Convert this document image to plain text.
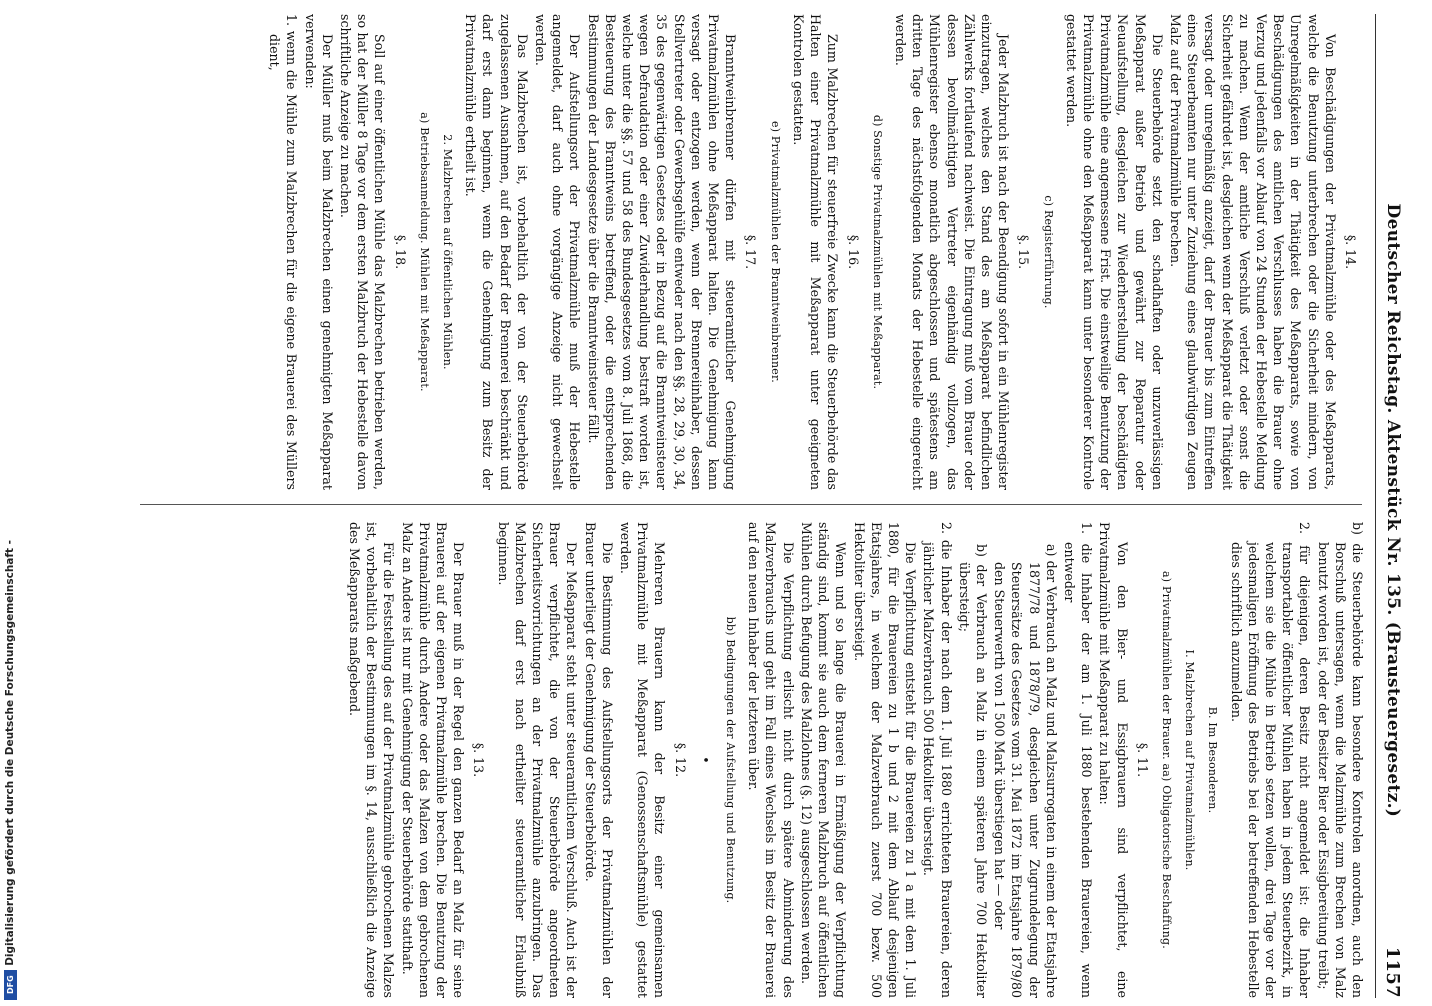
Deutscher Reichstag. Aktenstück Nr. 135. (Brausteuergesetz.)
1157
§. 14.
Von Beschädigungen der Privatmalzmühle oder des Meßapparats, welche die Benutzung unterbrechen oder die Sicherheit mindern, von Unregelmäßigkeiten in der Thätigkeit des Meßapparats, sowie von Beschädigungen des amtlichen Verschlusses haben die Brauer ohne Verzug und jedenfalls vor Ablauf von 24 Stunden der Hebestelle Meldung zu machen. Wenn der amtliche Verschluß verletzt oder sonst die Sicherheit gefährdet ist, desgleichen wenn der Meßapparat die Thätigkeit versagt oder unregelmäßig anzeigt, darf der Brauer bis zum Eintreffen eines Steuerbeamten nur unter Zuziehung eines glaubwürdigen Zeugen Malz auf der Privatmalzmühle brechen.
Die Steuerbehörde setzt den schadhaften oder unzuverlässigen Meßapparat außer Betrieb und gewährt zur Reparatur oder Neuaufstellung, desgleichen zur Wiederherstellung der beschädigten Privatmalzmühle eine angemessene Frist. Die einstweilige Benutzung der Privatmalzmühle ohne den Meßapparat kann unter besonderer Kontrole gestattet werden.
c) Registerführung.
§. 15.
Jeder Malzbruch ist nach der Beendigung sofort in ein Mühlenregister einzutragen, welches den Stand des am Meßapparat befindlichen Zählwerks fortlaufend nachweist. Die Eintragung muß vom Brauer oder dessen bevollmächtigten Vertreter eigenhändig vollzogen, das Mühlenregister ebenso monatlich abgeschlossen und spätestens am dritten Tage des nächstfolgenden Monats der Hebestelle eingereicht werden.
d) Sonstige Privatmalzmühlen mit Meßapparat.
§. 16.
Zum Malzbrechen für steuerfreie Zwecke kann die Steuerbehörde das Halten einer Privatmalzmühle mit Meßapparat unter geeigneten Kontrolen gestatten.
e) Privatmalzmühlen der Branntweinbrenner.
§. 17.
Branntweinbrenner dürfen mit steueramtlicher Genehmigung Privatmalzmühlen ohne Meßapparat halten. Die Genehmigung kann versagt oder entzogen werden, wenn der Brennereiinhaber, dessen Stellvertreter oder Gewerbsgehülfe entweder nach den §§. 28, 29, 30, 34, 35 des gegenwärtigen Gesetzes oder in Bezug auf die Branntweinsteuer wegen Defraudation oder einer Zuwiderhandlung bestraft worden ist, welche unter die §§. 57 und 58 des Bundesgesetzes vom 8. Juli 1868, die Besteuerung des Branntweins betreffend, oder die entsprechenden Bestimmungen der Landesgesetze über die Branntweinsteuer fällt.
Der Aufstellungsort der Privatmalzmühle muß der Hebestelle angemeldet, darf auch ohne vorgängige Anzeige nicht gewechselt werden.
Das Malzbrechen ist, vorbehaltlich der von der Steuerbehörde zugelassenen Ausnahmen, auf den Bedarf der Brennerei beschränkt und darf erst dann beginnen, wenn die Genehmigung zum Besitz der Privatmalzmühle ertheilt ist.
2. Malzbrechen auf öffentlichen Mühlen.
a) Betriebsanmeldung. Mühlen mit Meßapparat.
§. 18.
Soll auf einer öffentlichen Mühle das Malzbrechen betrieben werden, so hat der Müller 8 Tage vor dem ersten Malzbruch der Hebestelle davon schriftliche Anzeige zu machen.
Der Müller muß beim Malzbrechen einen genehmigten Meßapparat verwenden:
1. wenn die Mühle zum Malzbrechen für die eigene Brauerei des Müllers dient,
b) die Steuerbehörde kann besondere Kontrolen anordnen, auch den Borschuß untersagen, wenn die Malzmühle zum Brechen von Malz benutzt worden ist, oder der Besitzer Bier oder Essigbereitung treibt;
2. für diejenigen, deren Besitz nicht angemeldet ist: die Inhaber transportabler öffentlicher Mühlen haben in jedem Steuerbezirk, in welchem sie die Mühle in Betrieb setzen wollen, drei Tage vor der jedesmaligen Eröffnung des Betriebs bei der betreffenden Hebestelle dies schriftlich anzumelden.
B. Im Besonderen.
I. Malzbrechen auf Privatmalzmühlen.
a) Privatmalzmühlen der Brauer. aa) Obligatorische Beschaffung.
§. 11.
Von den Bier- und Essigbrauern sind verpflichtet, eine Privatmalzmühle mit Meßapparat zu halten:
1. die Inhaber der am 1. Juli 1880 bestehenden Brauereien, wenn entweder
a) der Verbrauch an Malz und Malzsurrogaten in einem der Etatsjahre 1877/78 und 1878/79, desgleichen unter Zugrundelegung der Steuersätze des Gesetzes vom 31. Mai 1872 im Etatsjahre 1879/80 den Steuerwerth von 1 500 Mark überstiegen hat — oder
b) der Verbrauch an Malz in einem späteren Jahre 700 Hektoliter übersteigt;
2. die Inhaber der nach dem 1. Juli 1880 errichteten Brauereien, deren jährlicher Malzverbrauch 500 Hektoliter übersteigt.
Die Verpflichtung entsteht für die Brauereien zu 1 a mit dem 1. Juli 1880, für die Brauereien zu 1 b und 2 mit dem Ablauf desjenigen Etatsjahres, in welchem der Malzverbrauch zuerst 700 bezw. 500 Hektoliter übersteigt.
Wenn und so lange die Brauerei in Ermäßigung der Verpflichtung ständig sind, kommt sie auch dem ferneren Malzbruch auf öffentlichen Mühlen durch Befugung des Malzlohnes (§. 12) ausgeschlossen werden.
Die Verpflichtung erlischt nicht durch spätere Abminderung des Malzverbrauchs und geht im Fall eines Wechsels im Besitz der Brauerei auf den neuen Inhaber der letzteren über.
bb) Bedingungen der Aufstellung und Benutzung.
•
§. 12.
Mehreren Brauern kann der Besitz einer gemeinsamen Privatmalzmühle mit Meßapparat (Genossenschaftsmühle) gestattet werden.
Die Bestimmung des Aufstellungsorts der Privatmalzmühlen der Brauer unterliegt der Genehmigung der Steuerbehörde.
Der Meßapparat steht unter steueramtlichem Verschluß. Auch ist der Brauer verpflichtet, die von der Steuerbehörde angeordneten Sicherheitsvorrichtungen an der Privatmalzmühle anzubringen. Das Malzbrechen darf erst nach ertheilter steueramtlicher Erlaubniß beginnen.
§. 13.
Der Brauer muß in der Regel den ganzen Bedarf an Malz für seine Brauerei auf der eigenen Privatmalzmühle brechen. Die Benutzung der Privatmalzmühle durch Andere oder das Malzen von dem gebrochenen Malz an Andere ist nur mit Genehmigung der Steuerbehörde statthaft.
Für die Feststellung des auf der Privatmalzmühle gebrochenen Malzes ist, vorbehaltlich der Bestimmungen im §. 14, ausschließlich die Anzeige des Meßapparats maßgebend.
Digitalisierung gefördert durch die Deutsche Forschungsgemeinschaft -
DFG
